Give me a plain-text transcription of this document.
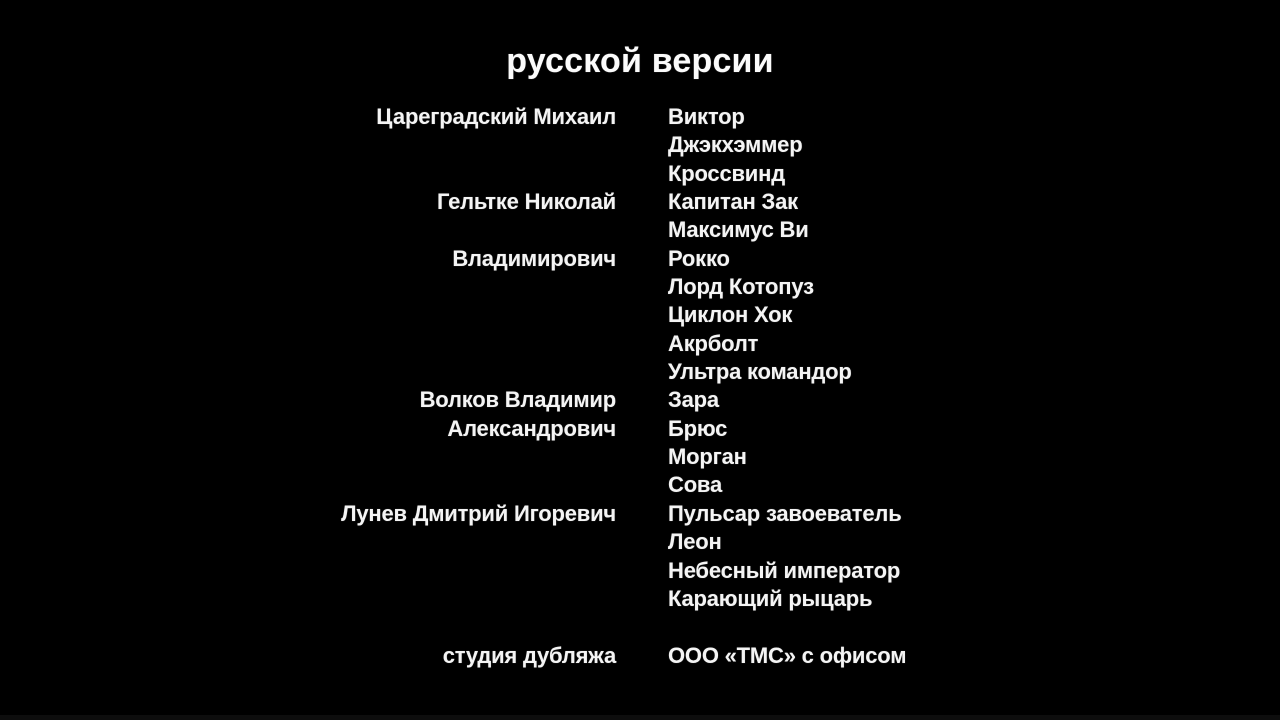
русской версии
Цареградский Михаил Виктор
Джэкхэммер
Кроссвинд
Гельтке Николай Капитан Зак
Максимус Ви
Владимирович Рокко
Лорд Котопуз
Циклон Хок
Акрболт
Ультра командор
Волков Владимир Зара
Александрович Брюс
Морган
Сова
Лунев Дмитрий Игоревич Пульсар завоеватель
Леон
Небесный император
Карающий рыцарь
студия дубляжа ООО «ТМС» с офисом
